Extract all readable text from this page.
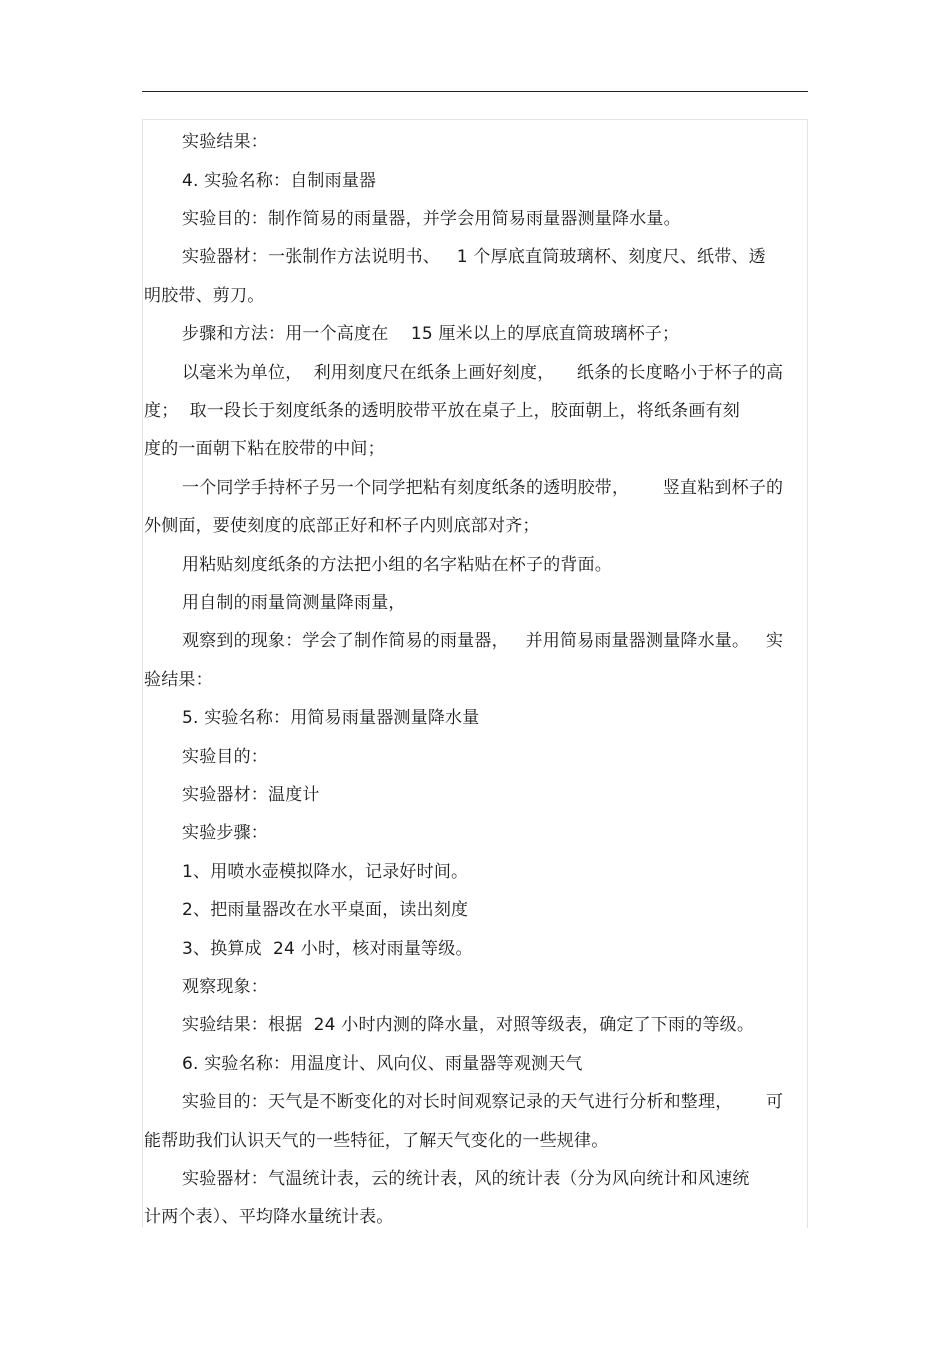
实验结果：
4. 实验名称：自制雨量器
实验目的：制作简易的雨量器，并学会用简易雨量器测量降水量。
实验器材：一张制作方法说明书、   1 个厚底直筒玻璃杯、刻度尺、纸带、透
明胶带、剪刀。
步骤和方法：用一个高度在    15 厘米以上的厚底直筒玻璃杯子；
以毫米为单位，  利用刻度尺在纸条上画好刻度，    纸条的长度略小于杯子的高
度；  取一段长于刻度纸条的透明胶带平放在桌子上，胶面朝上，将纸条画有刻
度的一面朝下粘在胶带的中间；
一个同学手持杯子另一个同学把粘有刻度纸条的透明胶带，      竖直粘到杯子的
外侧面，要使刻度的底部正好和杯子内则底部对齐；
用粘贴刻度纸条的方法把小组的名字粘贴在杯子的背面。
用自制的雨量筒测量降雨量，
观察到的现象：学会了制作简易的雨量器，   并用简易雨量器测量降水量。   实
验结果：
5. 实验名称：用简易雨量器测量降水量
实验目的：
实验器材：温度计
实验步骤：
1、用喷水壶模拟降水，记录好时间。
2、把雨量器改在水平桌面，读出刻度
3、换算成  24 小时，核对雨量等级。
观察现象：
实验结果：根据  24 小时内测的降水量，对照等级表，确定了下雨的等级。
6. 实验名称：用温度计、风向仪、雨量器等观测天气
实验目的：天气是不断变化的对长时间观察记录的天气进行分析和整理，      可
能帮助我们认识天气的一些特征，了解天气变化的一些规律。
实验器材：气温统计表，云的统计表，风的统计表（分为风向统计和风速统
计两个表）、平均降水量统计表。
